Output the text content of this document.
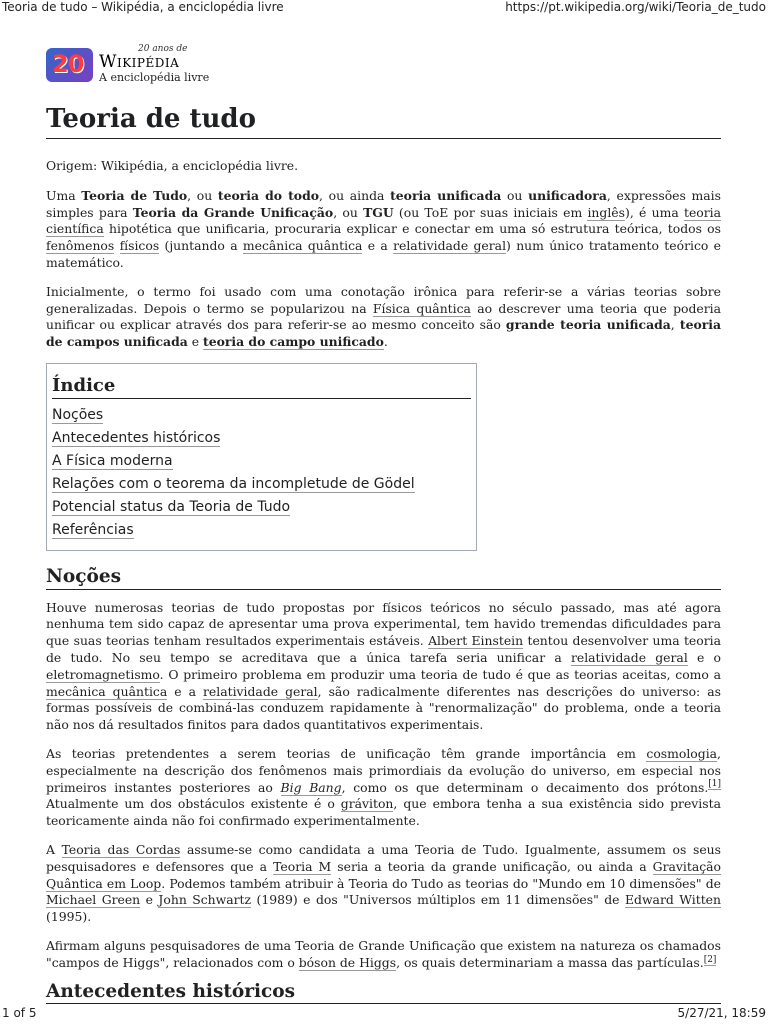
Teoria de tudo – Wikipédia, a enciclopédia livre	https://pt.wikipedia.org/wiki/Teoria_de_tudo
20
20 anos de
Wikipédia
A enciclopédia livre
Teoria de tudo

Origem: Wikipédia, a enciclopédia livre.

Uma Teoria de Tudo, ou teoria do todo, ou ainda teoria unificada ou unificadora, expressões mais simples para Teoria da Grande Unificação, ou TGU (ou ToE por suas iniciais em inglês), é uma teoria científica hipotética que unificaria, procuraria explicar e conectar em uma só estrutura teórica, todos os fenômenos físicos (juntando a mecânica quântica e a relatividade geral) num único tratamento teórico e matemático.

Inicialmente, o termo foi usado com uma conotação irônica para referir-se a várias teorias sobre generalizadas. Depois o termo se popularizou na Física quântica ao descrever uma teoria que poderia unificar ou explicar através dos para referir-se ao mesmo conceito são grande teoria unificada, teoria de campos unificada e teoria do campo unificado.

Índice
Noções
Antecedentes históricos
A Física moderna
Relações com o teorema da incompletude de Gödel
Potencial status da Teoria de Tudo
Referências
Noções

Houve numerosas teorias de tudo propostas por físicos teóricos no século passado, mas até agora nenhuma tem sido capaz de apresentar uma prova experimental, tem havido tremendas dificuldades para que suas teorias tenham resultados experimentais estáveis. Albert Einstein tentou desenvolver uma teoria de tudo. No seu tempo se acreditava que a única tarefa seria unificar a relatividade geral e o eletromagnetismo. O primeiro problema em produzir uma teoria de tudo é que as teorias aceitas, como a mecânica quântica e a relatividade geral, são radicalmente diferentes nas descrições do universo: as formas possíveis de combiná-las conduzem rapidamente à "renormalização" do problema, onde a teoria não nos dá resultados finitos para dados quantitativos experimentais.

As teorias pretendentes a serem teorias de unificação têm grande importância em cosmologia, especialmente na descrição dos fenômenos mais primordiais da evolução do universo, em especial nos primeiros instantes posteriores ao Big Bang, como os que determinam o decaimento dos prótons.[1] Atualmente um dos obstáculos existente é o gráviton, que embora tenha a sua existência sido prevista teoricamente ainda não foi confirmado experimentalmente.

A Teoria das Cordas assume-se como candidata a uma Teoria de Tudo. Igualmente, assumem os seus pesquisadores e defensores que a Teoria M seria a teoria da grande unificação, ou ainda a Gravitação Quântica em Loop. Podemos também atribuir à Teoria do Tudo as teorias do "Mundo em 10 dimensões" de Michael Green e John Schwartz (1989) e dos "Universos múltiplos em 11 dimensões" de Edward Witten (1995).

Afirmam alguns pesquisadores de uma Teoria de Grande Unificação que existem na natureza os chamados "campos de Higgs", relacionados com o bóson de Higgs, os quais determinariam a massa das partículas.[2]

Antecedentes históricos
1 of 5	5/27/21, 18:59
